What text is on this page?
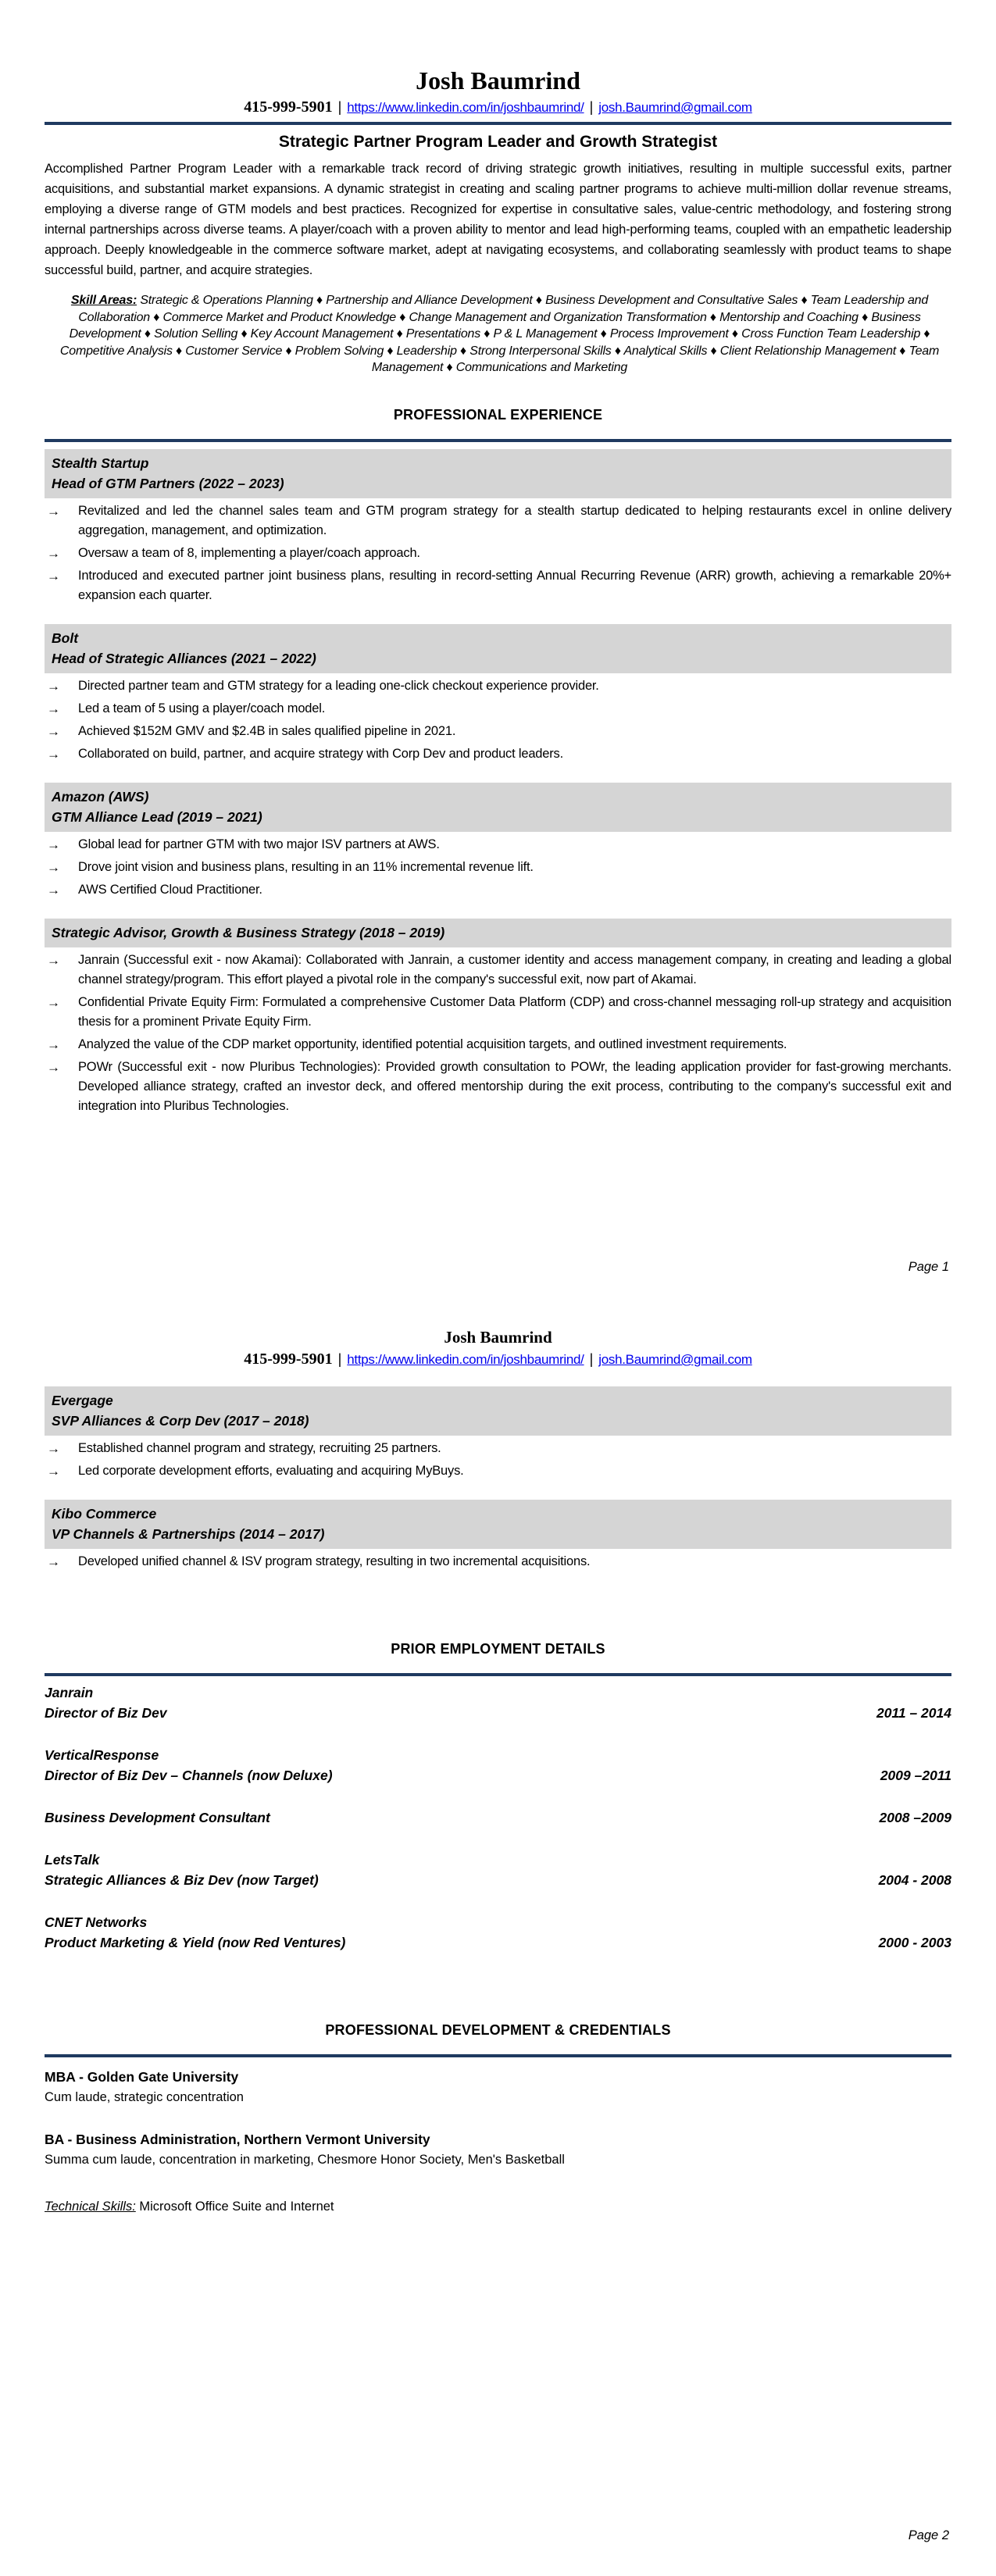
Josh Baumrind
415-999-5901 | https://www.linkedin.com/in/joshbaumrind/ | josh.Baumrind@gmail.com
Strategic Partner Program Leader and Growth Strategist

Accomplished Partner Program Leader with a remarkable track record of driving strategic growth initiatives, resulting in multiple successful exits, partner acquisitions, and substantial market expansions. A dynamic strategist in creating and scaling partner programs to achieve multi-million dollar revenue streams, employing a diverse range of GTM models and best practices. Recognized for expertise in consultative sales, value-centric methodology, and fostering strong internal partnerships across diverse teams. A player/coach with a proven ability to mentor and lead high-performing teams, coupled with an empathetic leadership approach. Deeply knowledgeable in the commerce software market, adept at navigating ecosystems, and collaborating seamlessly with product teams to shape successful build, partner, and acquire strategies.

Skill Areas: Strategic & Operations Planning ♦ Partnership and Alliance Development ♦ Business Development and Consultative Sales ♦ Team Leadership and Collaboration ♦ Commerce Market and Product Knowledge ♦ Change Management and Organization Transformation ♦ Mentorship and Coaching ♦ Business Development ♦ Solution Selling ♦ Key Account Management ♦ Presentations ♦ P & L Management ♦ Process Improvement ♦ Cross Function Team Leadership ♦ Competitive Analysis ♦ Customer Service ♦ Problem Solving ♦ Leadership ♦ Strong Interpersonal Skills ♦ Analytical Skills ♦ Client Relationship Management ♦ Team Management ♦ Communications and Marketing

PROFESSIONAL EXPERIENCE
Stealth Startup
Head of GTM Partners (2022 – 2023)
→	Revitalized and led the channel sales team and GTM program strategy for a stealth startup dedicated to helping restaurants excel in online delivery aggregation, management, and optimization.
→	Oversaw a team of 8, implementing a player/coach approach.
→	Introduced and executed partner joint business plans, resulting in record-setting Annual Recurring Revenue (ARR) growth, achieving a remarkable 20%+ expansion each quarter.
Bolt
Head of Strategic Alliances (2021 – 2022)
→	Directed partner team and GTM strategy for a leading one-click checkout experience provider.
→	Led a team of 5 using a player/coach model.
→	Achieved $152M GMV and $2.4B in sales qualified pipeline in 2021.
→	Collaborated on build, partner, and acquire strategy with Corp Dev and product leaders.
Amazon (AWS)
GTM Alliance Lead (2019 – 2021)
→	Global lead for partner GTM with two major ISV partners at AWS.
→	Drove joint vision and business plans, resulting in an 11% incremental revenue lift.
→	AWS Certified Cloud Practitioner.
Strategic Advisor, Growth & Business Strategy (2018 – 2019)
→	Janrain (Successful exit - now Akamai): Collaborated with Janrain, a customer identity and access management company, in creating and leading a global channel strategy/program. This effort played a pivotal role in the company's successful exit, now part of Akamai.
→	Confidential Private Equity Firm: Formulated a comprehensive Customer Data Platform (CDP) and cross-channel messaging roll-up strategy and acquisition thesis for a prominent Private Equity Firm.
→	Analyzed the value of the CDP market opportunity, identified potential acquisition targets, and outlined investment requirements.
→	POWr (Successful exit - now Pluribus Technologies): Provided growth consultation to POWr, the leading application provider for fast-growing merchants. Developed alliance strategy, crafted an investor deck, and offered mentorship during the exit process, contributing to the company's successful exit and integration into Pluribus Technologies.
Page 1
Josh Baumrind
415-999-5901 | https://www.linkedin.com/in/joshbaumrind/ | josh.Baumrind@gmail.com
Evergage
SVP Alliances & Corp Dev (2017 – 2018)
→	Established channel program and strategy, recruiting 25 partners.
→	Led corporate development efforts, evaluating and acquiring MyBuys.
Kibo Commerce
VP Channels & Partnerships (2014 – 2017)
→	Developed unified channel & ISV program strategy, resulting in two incremental acquisitions.
PRIOR EMPLOYMENT DETAILS
Janrain
Director of Biz Dev	2011 – 2014
VerticalResponse
Director of Biz Dev – Channels (now Deluxe)	2009 –2011
Business Development Consultant	2008 –2009
LetsTalk
Strategic Alliances & Biz Dev (now Target)	2004 - 2008
CNET Networks
Product Marketing & Yield (now Red Ventures)	2000 - 2003
PROFESSIONAL DEVELOPMENT & CREDENTIALS
MBA - Golden Gate University
Cum laude, strategic concentration
BA - Business Administration, Northern Vermont University
Summa cum laude, concentration in marketing, Chesmore Honor Society, Men's Basketball
Technical Skills: Microsoft Office Suite and Internet
Page 2
